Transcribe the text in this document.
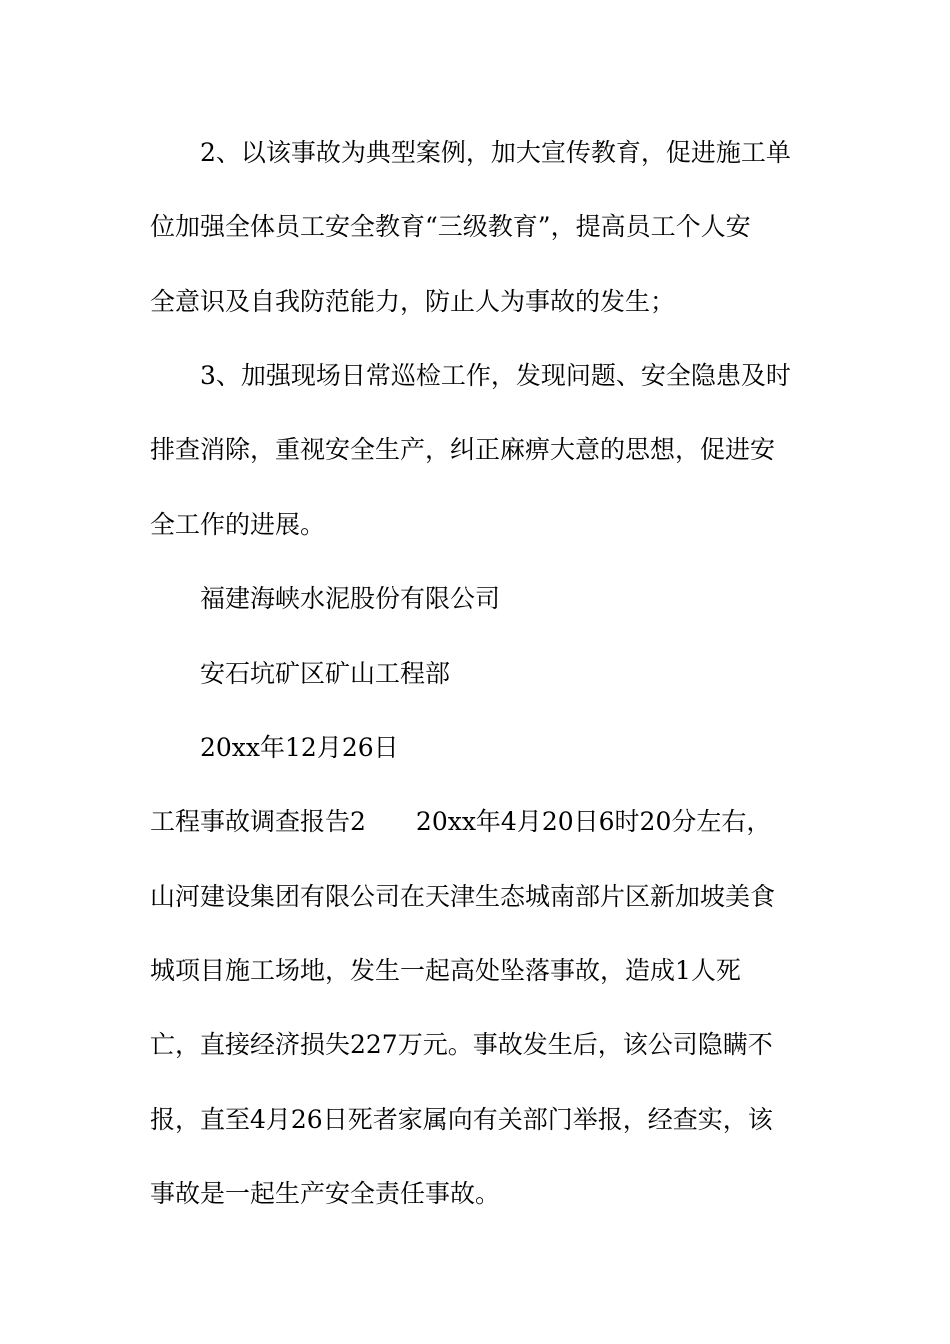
2、以该事故为典型案例，加大宣传教育，促进施工单
位加强全体员工安全教育“三级教育”，提高员工个人安
全意识及自我防范能力，防止人为事故的发生；
3、加强现场日常巡检工作，发现问题、安全隐患及时
排查消除，重视安全生产，纠正麻痹大意的思想，促进安
全工作的进展。
福建海峡水泥股份有限公司
安石坑矿区矿山工程部
20xx年12月26日
工程事故调查报告2 20xx年4月20日6时20分左右，
山河建设集团有限公司在天津生态城南部片区新加坡美食
城项目施工场地，发生一起高处坠落事故，造成1人死
亡，直接经济损失227万元。事故发生后，该公司隐瞒不
报，直至4月26日死者家属向有关部门举报，经查实，该
事故是一起生产安全责任事故。
